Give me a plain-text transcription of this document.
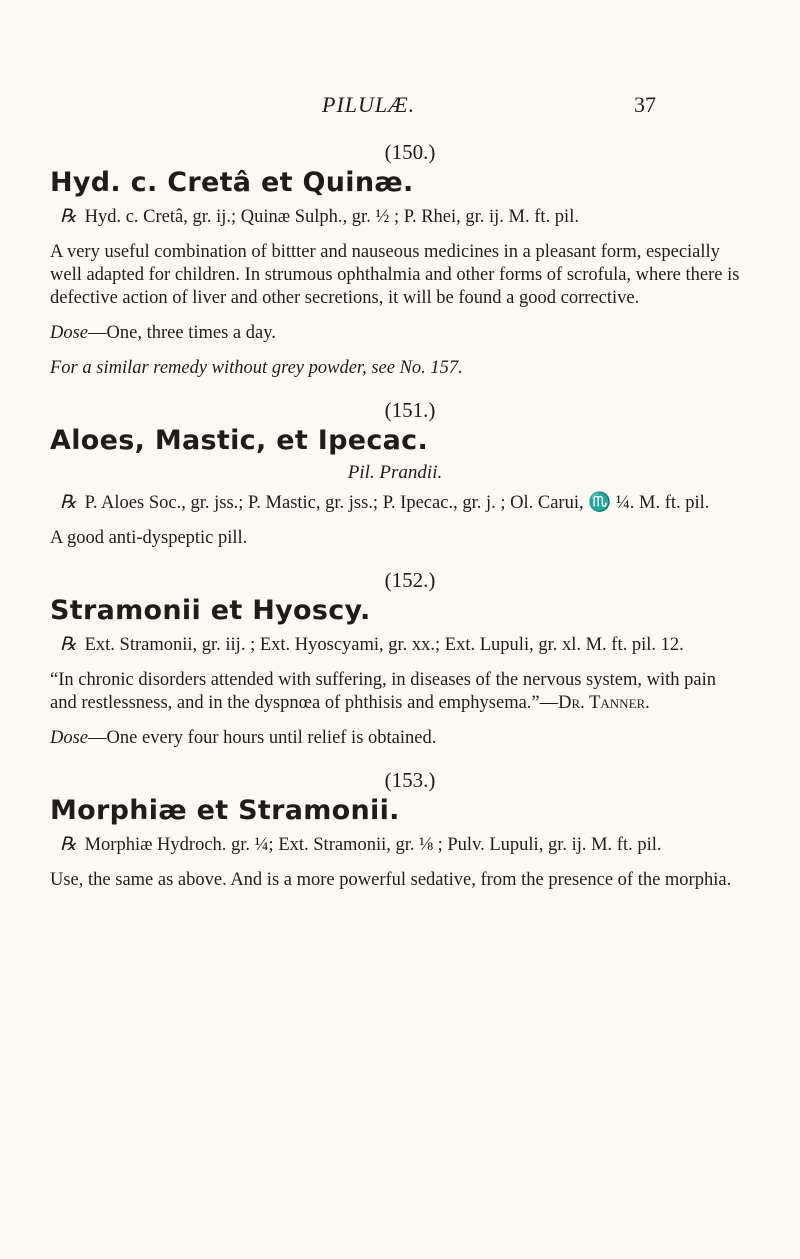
PILULÆ.	37
(150.)
Hyd. c. Cretâ et Quinæ.

℞ Hyd. c. Cretâ, gr. ij.; Quinæ Sulph., gr. ½ ; P. Rhei, gr. ij. M. ft. pil.

A very useful combination of bittter and nauseous medicines in a pleasant form, especially well adapted for children. In strumous ophthalmia and other forms of scrofula, where there is defective action of liver and other secretions, it will be found a good corrective.

Dose—One, three times a day.

For a similar remedy without grey powder, see No. 157.

(151.)
Aloes, Mastic, et Ipecac.
Pil. Prandii.

℞ P. Aloes Soc., gr. jss.; P. Mastic, gr. jss.; P. Ipecac., gr. j. ; Ol. Carui, ♏ ¼. M. ft. pil.

A good anti-dyspeptic pill.

(152.)
Stramonii et Hyoscy.

℞ Ext. Stramonii, gr. iij. ; Ext. Hyoscyami, gr. xx.; Ext. Lupuli, gr. xl. M. ft. pil. 12.

“In chronic disorders attended with suffering, in diseases of the nervous system, with pain and restlessness, and in the dyspnœa of phthisis and emphysema.”—Dr. Tanner.

Dose—One every four hours until relief is obtained.

(153.)
Morphiæ et Stramonii.

℞ Morphiæ Hydroch. gr. ¼; Ext. Stramonii, gr. ⅛ ; Pulv. Lupuli, gr. ij. M. ft. pil.

Use, the same as above. And is a more powerful sedative, from the presence of the morphia.
